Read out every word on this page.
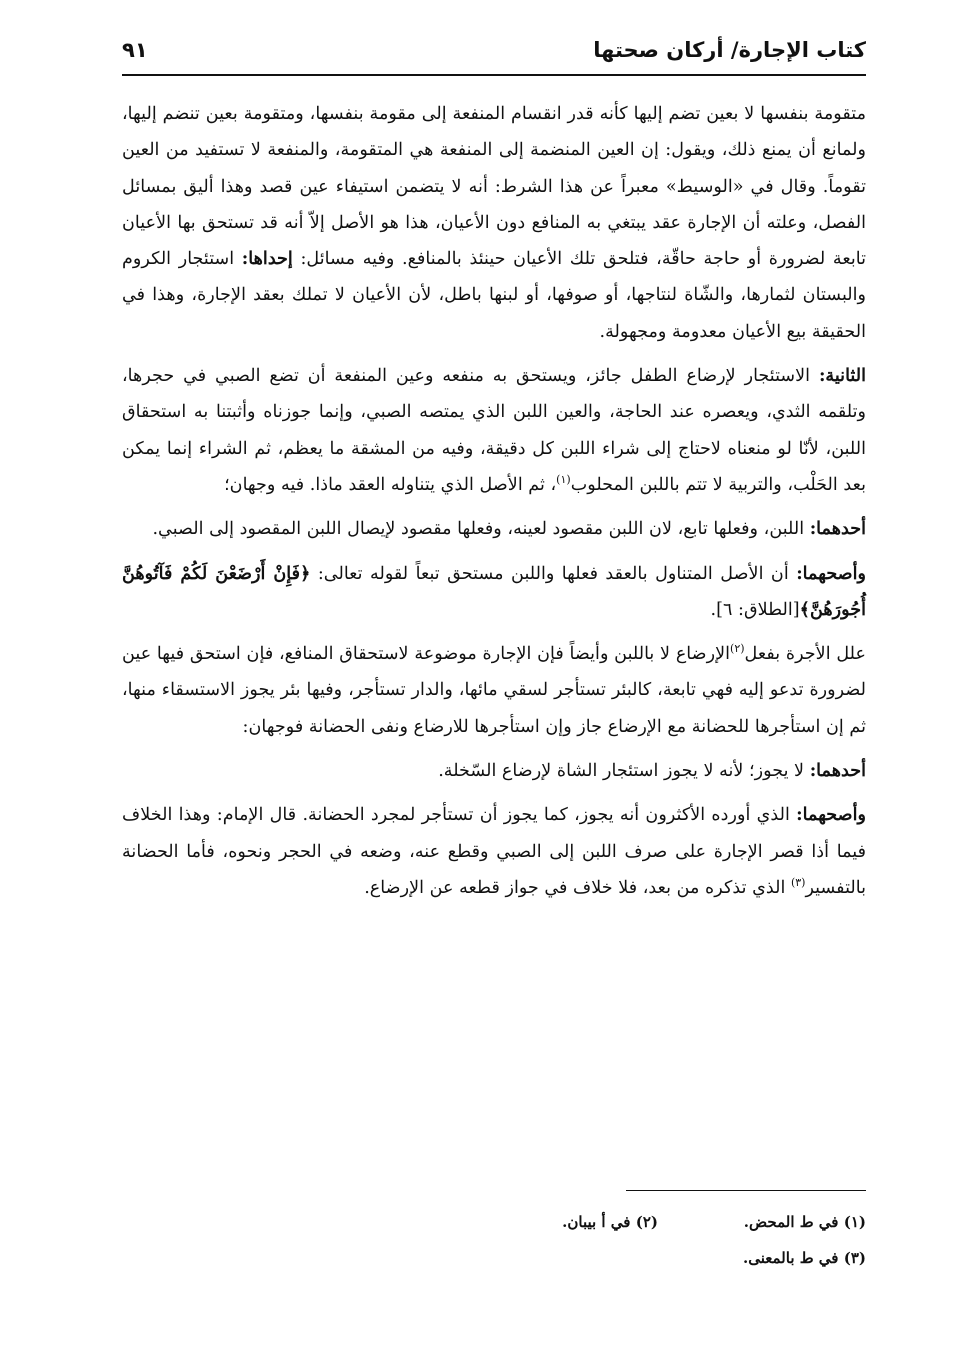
كتاب الإجارة/ أركان صحتها
٩١

متقومة بنفسها لا بعين تضم إليها كأنه قدر انقسام المنفعة إلى مقومة بنفسها، ومتقومة بعين تنضم إليها، ولمانع أن يمنع ذلك، ويقول: إن العين المنضمة إلى المنفعة هي المتقومة، والمنفعة لا تستفيد من العين تقوماً. وقال في «الوسيط» معبراً عن هذا الشرط: أنه لا يتضمن استيفاء عين قصد وهذا أليق بمسائل الفصل، وعلته أن الإجارة عقد يبتغي به المنافع دون الأعيان، هذا هو الأصل إلاّ أنه قد تستحق بها الأعيان تابعة لضرورة أو حاجة حاقّة، فتلحق تلك الأعيان حينئذ بالمنافع. وفيه مسائل: إحداها: استئجار الكروم والبستان لثمارها، والشّاة لنتاجها، أو صوفها، أو لبنها باطل، لأن الأعيان لا تملك بعقد الإجارة، وهذا في الحقيقة بيع الأعيان معدومة ومجهولة.

الثانية: الاستئجار لإرضاع الطفل جائز، ويستحق به منفعه وعين المنفعة أن تضع الصبي في حجرها، وتلقمه الثدي، ويعصره عند الحاجة، والعين اللبن الذي يمتصه الصبي، وإنما جوزناه وأثبتنا به استحقاق اللبن، لأنّا لو منعناه لاحتاج إلى شراء اللبن كل دقيقة، وفيه من المشقة ما يعظم، ثم الشراء إنما يمكن بعد الحَلْب، والتربية لا تتم باللبن المحلوب$^{(١)}$، ثم الأصل الذي يتناوله العقد ماذا. فيه وجهان؛

أحدهما: اللبن، وفعلها تابع، لان اللبن مقصود لعينه، وفعلها مقصود لإيصال اللبن المقصود إلى الصبي.

وأصحهما: أن الأصل المتناول بالعقد فعلها واللبن مستحق تبعاً لقوله تعالى: ﴿فَإِنْ أَرْضَعْنَ لَكُمْ فَآتُوهُنَّ أُجُورَهُنَّ﴾[الطلاق: ٦].

علل الأجرة بفعل$^{(٢)}$الإرضاع لا باللبن وأيضاً فإن الإجارة موضوعة لاستحقاق المنافع، فإن استحق فيها عين لضرورة تدعو إليه فهي تابعة، كالبئر تستأجر لسقي مائها، والدار تستأجر، وفيها بئر يجوز الاستسقاء منها، ثم إن استأجرها للحضانة مع الإرضاع جاز وإن استأجرها للارضاع ونفى الحضانة فوجهان:

أحدهما: لا يجوز؛ لأنه لا يجوز استئجار الشاة لإرضاع السّخلة.

وأصحهما: الذي أورده الأكثرون أنه يجوز، كما يجوز أن تستأجر لمجرد الحضانة. قال الإمام: وهذا الخلاف فيما أذا قصر الإجارة على صرف اللبن إلى الصبي وقطع عنه، وضعه في الحجر ونحوه، فأما الحضانة بالتفسير$^{(٣)}$ الذي تذكره من بعد، فلا خلاف في جواز قطعه عن الإرضاع.

(١) في ط المحض.
(٢) في أ بيبان.
(٣) في ط بالمعنى.
